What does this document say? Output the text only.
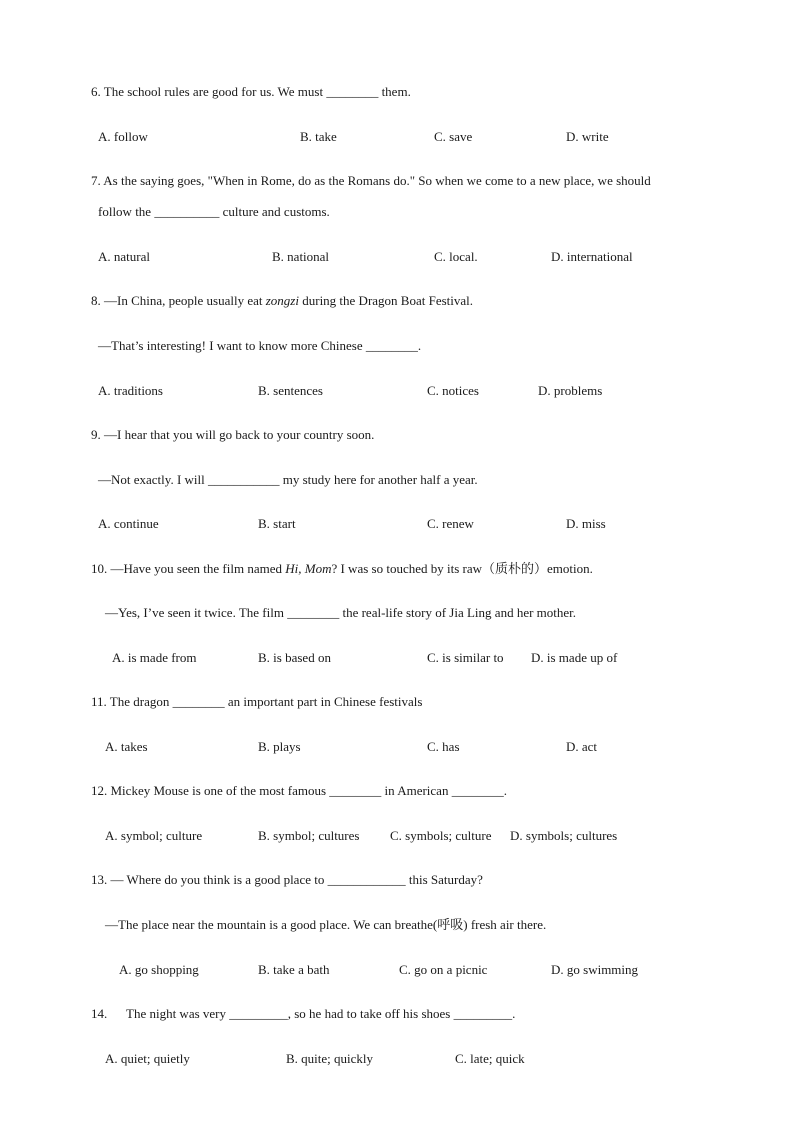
6. The school rules are good for us. We must ________ them.
A. follow	B. take	C. save	D. write
7. As the saying goes, "When in Rome, do as the Romans do." So when we come to a new place, we should
follow the __________ culture and customs.
A. natural	B. national	C. local.	D. international
8. —In China, people usually eat zongzi during the Dragon Boat Festival.
—That’s interesting! I want to know more Chinese ________.
A. traditions	B. sentences	C. notices	D. problems
9. —I hear that you will go back to your country soon.
—Not exactly. I will ___________ my study here for another half a year.
A. continue	B. start	C. renew	D. miss
10. —Have you seen the film named Hi, Mom? I was so touched by its raw（质朴的）emotion.
—Yes, I’ve seen it twice. The film ________ the real-life story of Jia Ling and her mother.
A. is made from	B. is based on	C. is similar to D. is made up of
11. The dragon ________ an important part in Chinese festivals
A. takes	B. plays	C. has	D. act
12. Mickey Mouse is one of the most famous ________ in American ________.
A. symbol; culture	B. symbol; cultures C. symbols; culture D. symbols; cultures
13. — Where do you think is a good place to ____________ this Saturday?
—The place near the mountain is a good place. We can breathe(呼吸) fresh air there.
A. go shopping	B. take a bath	C. go on a picnic	D. go swimming
14. The night was very _________, so he had to take off his shoes _________.
A. quiet; quietly	B. quite; quickly	C. late; quick
